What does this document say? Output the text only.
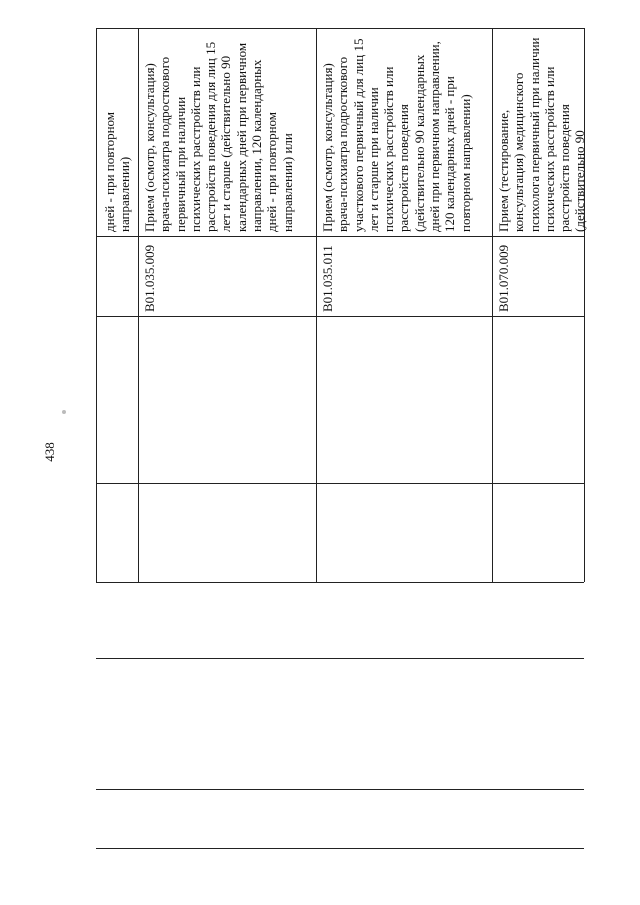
438
дней - при повторном направлении) Прием (осмотр, консультация) врача-психиатра подросткового первичный при наличии психических расстройств или расстройств поведения для лиц 15 лет и старше (действительно 90 календарных дней при первичном направлении, 120 календарных дней - при повторном направлении) или
B01.035.009
Прием (осмотр, консультация) врача-психиатра подросткового участкового первичный для лиц 15 лет и старше при наличии психических расстройств или расстройств поведения (действительно 90 календарных дней при первичном направлении, 120 календарных дней - при повторном направлении)
B01.035.011
Прием (тестирование, консультация) медицинского психолога первичный при наличии психических расстройств или расстройств поведения (действительно 90
B01.070.009
